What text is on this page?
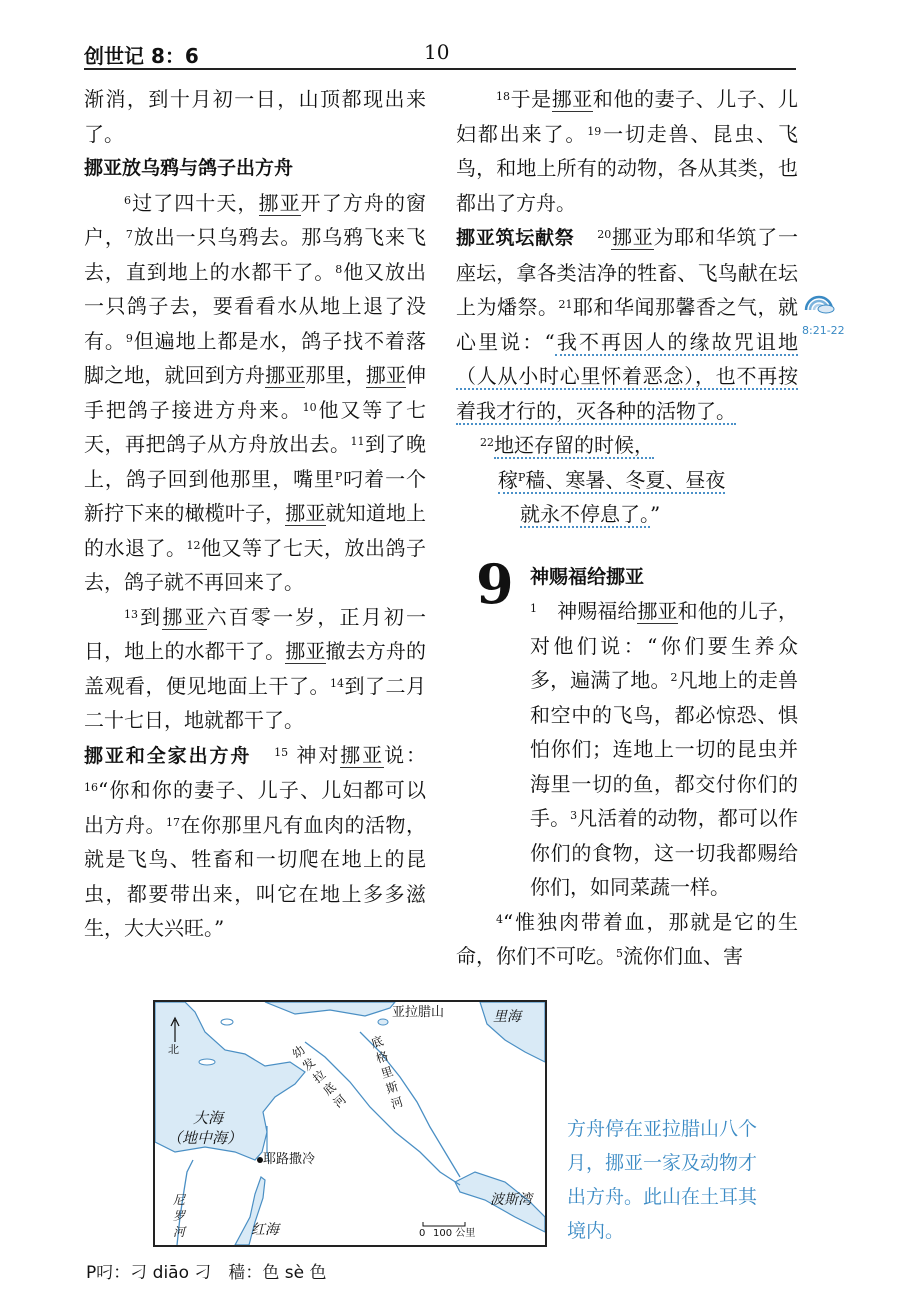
创世记 8：6	10

渐消，到十月初一日，山顶都现出来了。

挪亚放乌鸦与鸽子出方舟

$^6$过了四十天，挪亚开了方舟的窗户，$^7$放出一只乌鸦去。那乌鸦飞来飞去，直到地上的水都干了。$^8$他又放出一只鸽子去，要看看水从地上退了没有。$^9$但遍地上都是水，鸽子找不着落脚之地，就回到方舟挪亚那里，挪亚伸手把鸽子接进方舟来。$^{10}$他又等了七天，再把鸽子从方舟放出去。$^{11}$到了晚上，鸽子回到他那里，嘴里$^P$叼着一个新拧下来的橄榄叶子，挪亚就知道地上的水退了。$^{12}$他又等了七天，放出鸽子去，鸽子就不再回来了。

$^{13}$到挪亚六百零一岁，正月初一日，地上的水都干了。挪亚撤去方舟的盖观看，便见地面上干了。$^{14}$到了二月二十七日，地就都干了。

挪亚和全家出方舟 $^{15}$ 神对挪亚说：$^{16}$“你和你的妻子、儿子、儿妇都可以出方舟。$^{17}$在你那里凡有血肉的活物，就是飞鸟、牲畜和一切爬在地上的昆虫，都要带出来，叫它在地上多多滋生，大大兴旺。”

$^{18}$于是挪亚和他的妻子、儿子、儿妇都出来了。$^{19}$一切走兽、昆虫、飞鸟，和地上所有的动物，各从其类，也都出了方舟。

挪亚筑坛献祭 $^{20}$挪亚为耶和华筑了一座坛，拿各类洁净的牲畜、飞鸟献在坛上为燔祭。$^{21}$耶和华闻那馨香之气，就心里说：“我不再因人的缘故咒诅地（人从小时心里怀着恶念），也不再按着我才行的，灭各种的活物了。

$^{22}$地还存留的时候，
稼$^P$穑、寒暑、冬夏、昼夜
就永不停息了。”
9 神赐福给挪亚

$^1$　 神赐福给挪亚和他的儿子，对他们说：“你们要生养众多，遍满了地。$^2$凡地上的走兽和空中的飞鸟，都必惊恐、惧怕你们；连地上一切的昆虫并海里一切的鱼，都交付你们的手。$^3$凡活着的动物，都可以作你们的食物，这一切我都赐给你们，如同菜蔬一样。

$^4$“惟独肉带着血，那就是它的生命，你们不可吃。$^5$流你们血、害

8:21-22
北
亚拉腊山	里海
底格里斯河
幼发拉底河
大海
（地中海）
耶路撒冷
尼罗河	红海
波斯湾
0 100 公里
方舟停在亚拉腊山八个月，挪亚一家及动物才出方舟。此山在土耳其境内。
P叼：刁 diāo 刁　穑：色 sè 色
